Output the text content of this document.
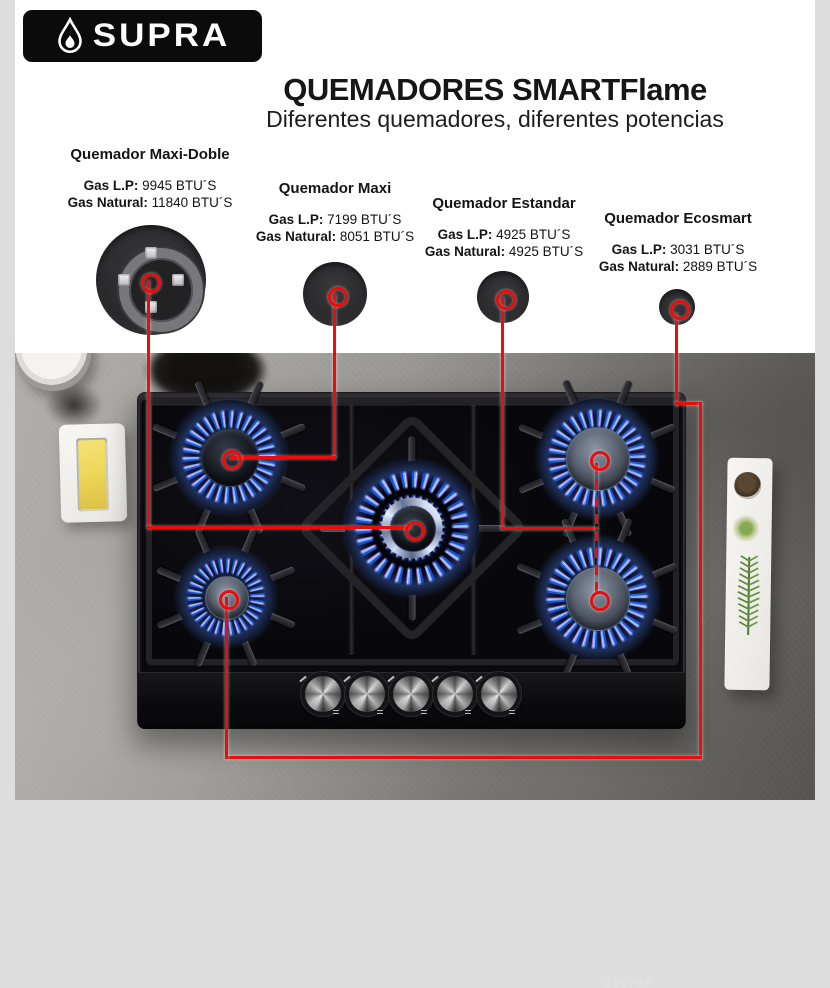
SUPRA
QUEMADORES SMARTFlame
Diferentes quemadores, diferentes potencias
Quemador Maxi-Doble
Gas L.P: 9945 BTU´S
Gas Natural: 11840 BTU´S
Quemador Maxi
Gas L.P: 7199 BTU´S
Gas Natural: 8051 BTU´S
Quemador Estandar
Gas L.P: 4925 BTU´S
Gas Natural: 4925 BTU´S
Quemador Ecosmart
Gas L.P: 3031 BTU´S
Gas Natural: 2889 BTU´S
SUPRA
